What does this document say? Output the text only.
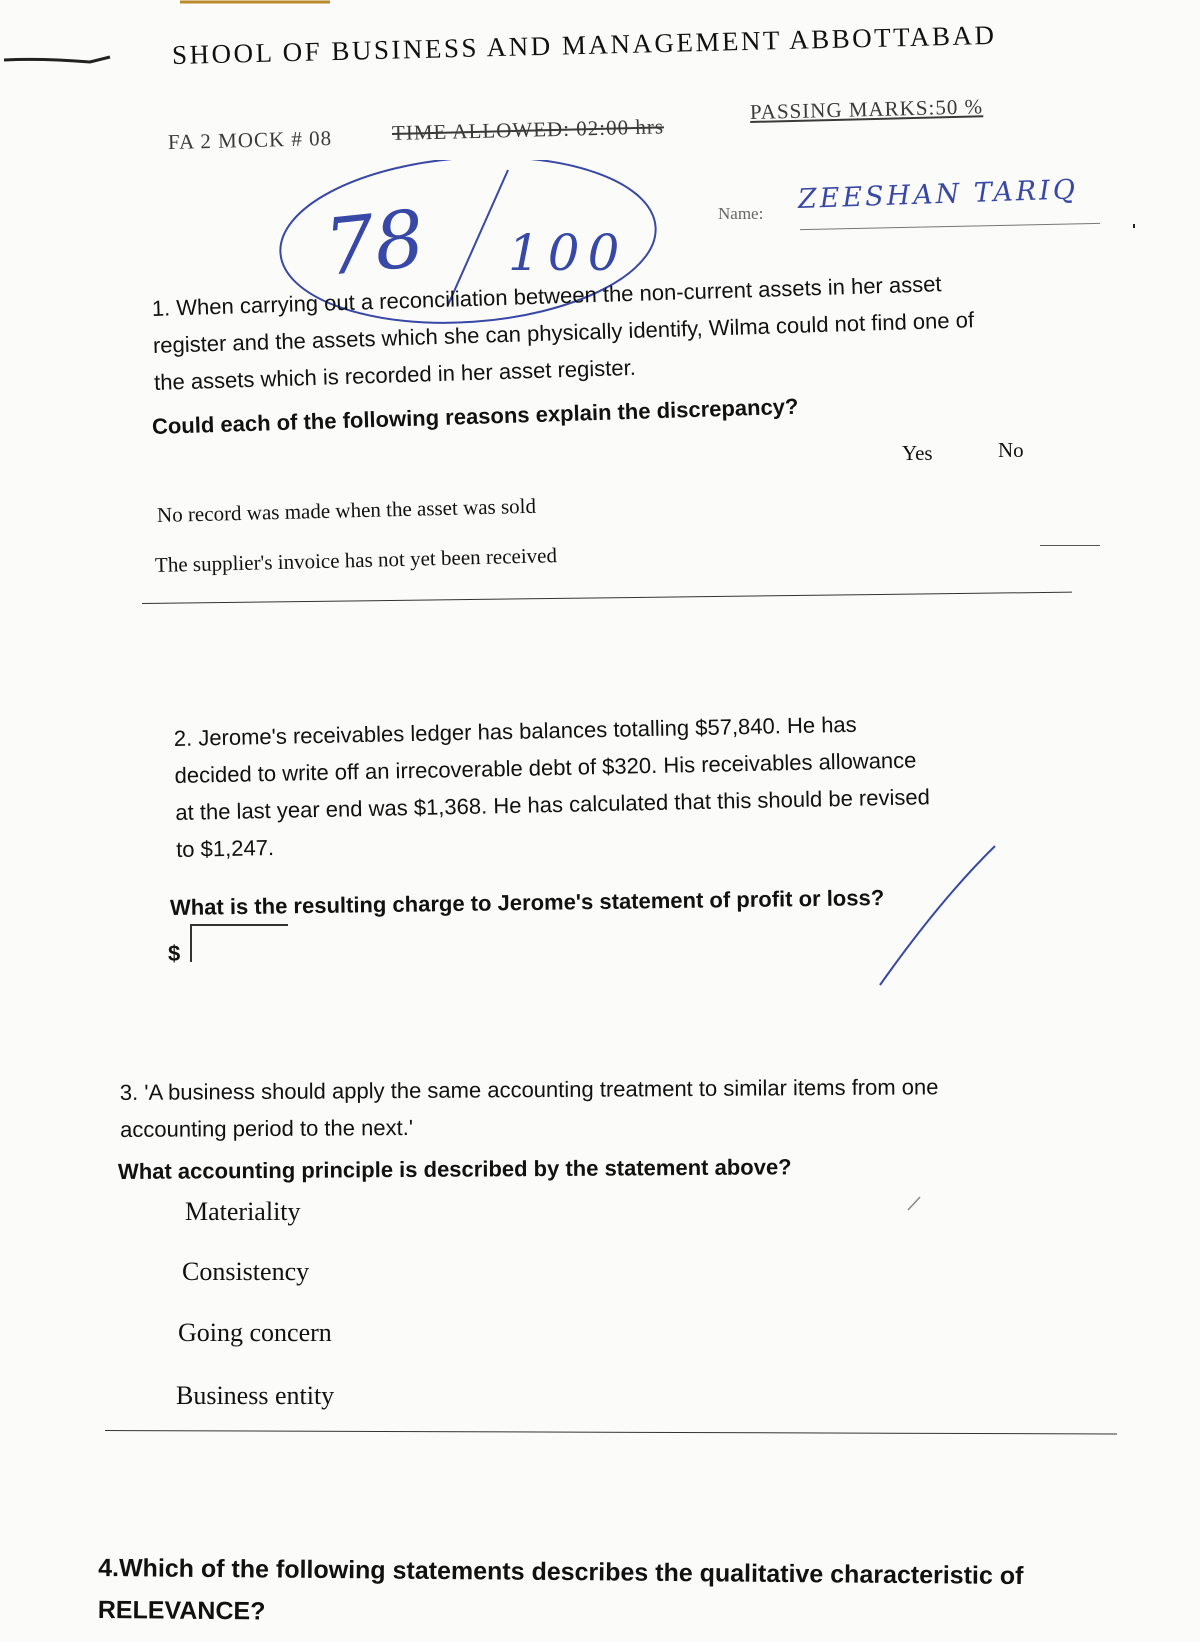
SHOOL OF BUSINESS AND MANAGEMENT ABBOTTABAD
FA 2 MOCK # 08	TIME ALLOWED: 02:00 hrs
PASSING MARKS:50 %
78 100
Name: ZEESHAN TARIQ
1. When carrying out a reconciliation between the non-current assets in her asset
register and the assets which she can physically identify, Wilma could not find one of
the assets which is recorded in her asset register.
Could each of the following reasons explain the discrepancy?
Yes	No
No record was made when the asset was sold
The supplier's invoice has not yet been received
2. Jerome's receivables ledger has balances totalling $57,840. He has
decided to write off an irrecoverable debt of $320. His receivables allowance
at the last year end was $1,368. He has calculated that this should be revised
to $1,247.
What is the resulting charge to Jerome's statement of profit or loss?
$
3. 'A business should apply the same accounting treatment to similar items from one
accounting period to the next.'
What accounting principle is described by the statement above?
Materiality
Consistency
Going concern
Business entity
4.Which of the following statements describes the qualitative characteristic of
RELEVANCE?
